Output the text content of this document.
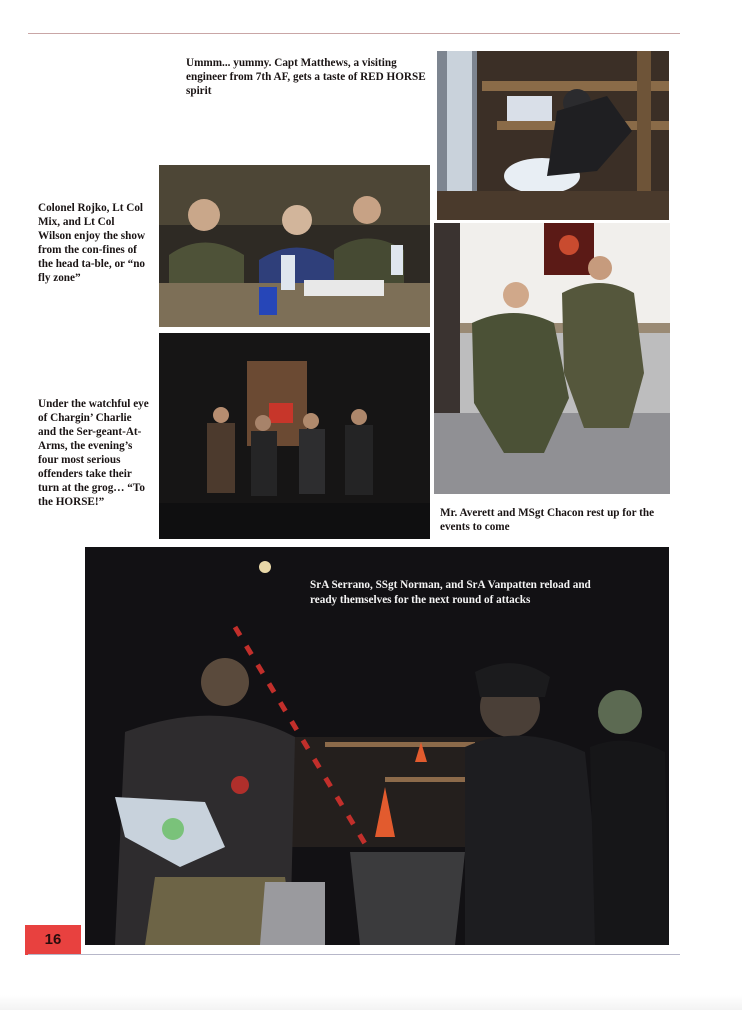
Ummm... yummy. Capt Matthews, a visiting engineer from 7th AF, gets a taste of RED HORSE spirit

Colonel Rojko, Lt Col Mix, and Lt Col Wilson enjoy the show from the con-fines of the head ta-ble, or “no fly zone”

Under the watchful eye of Chargin’ Charlie and the Ser-geant-At-Arms, the evening’s four most serious offenders take their turn at the grog… “To the HORSE!”

Mr. Averett and MSgt Chacon rest up for the events to come

SrA Serrano, SSgt Norman, and SrA Vanpatten reload and ready themselves for the next round of attacks

16
